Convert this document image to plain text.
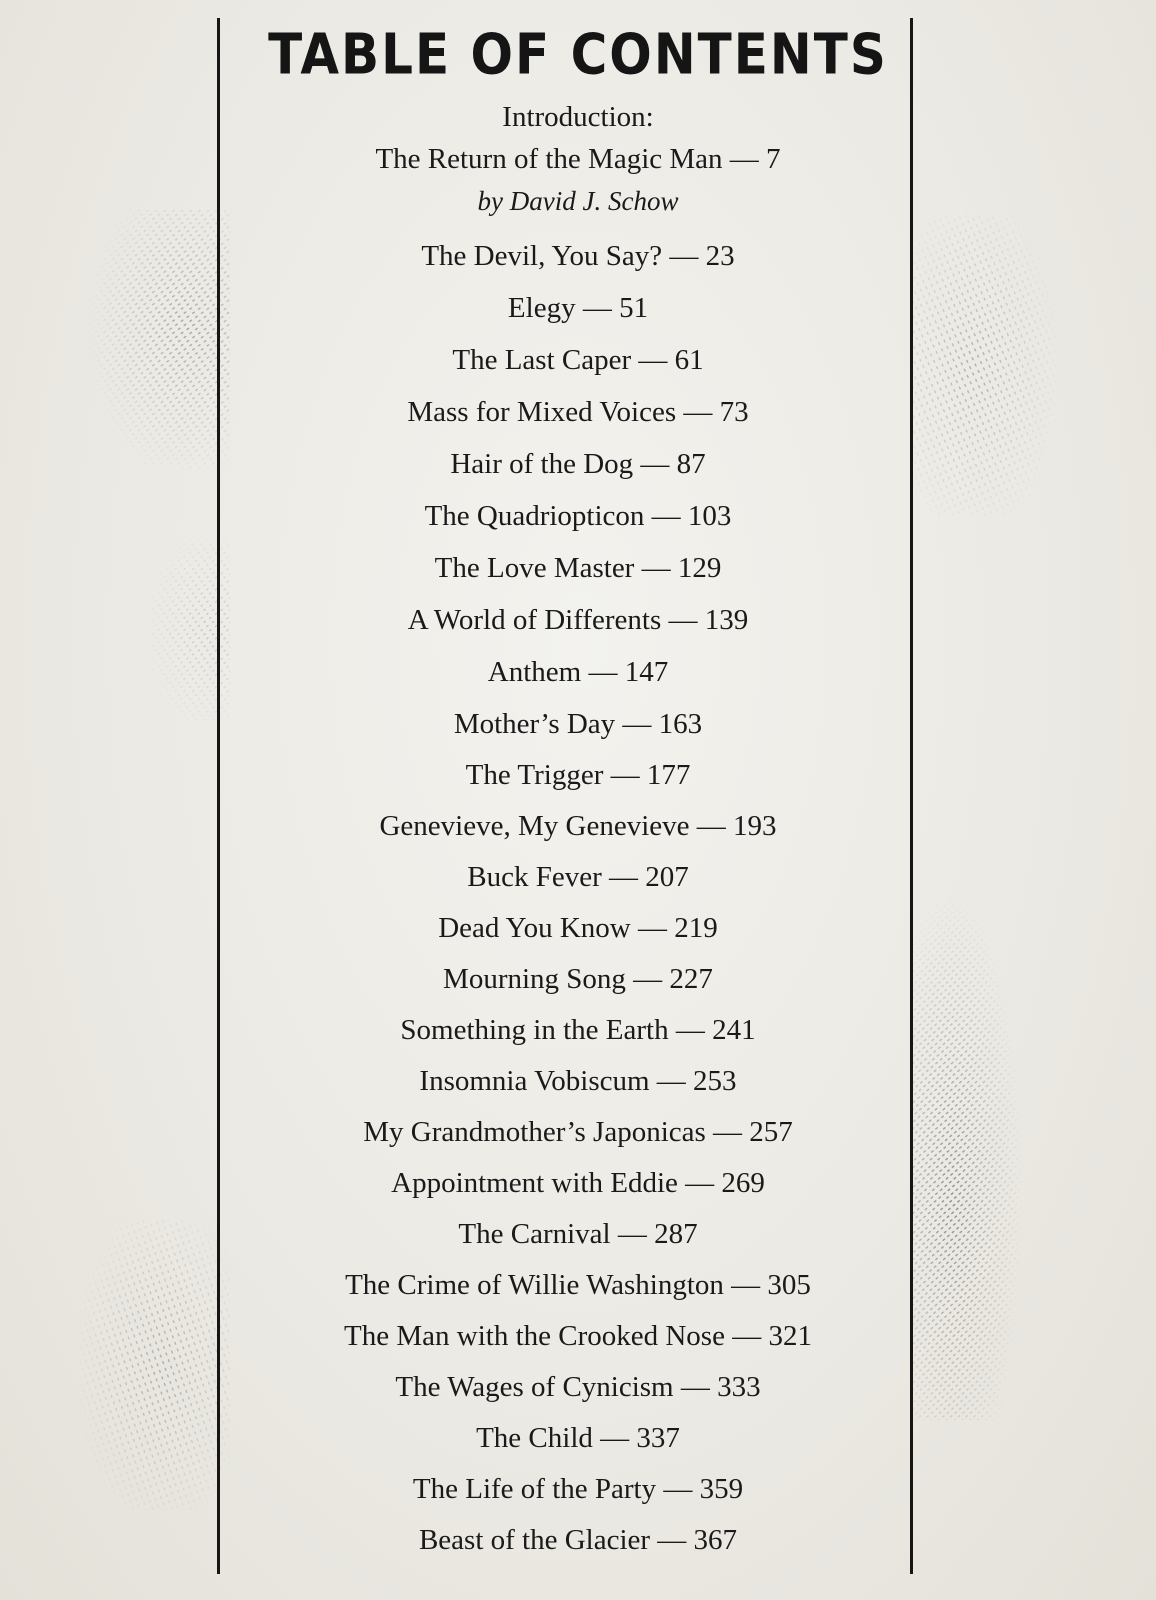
TABLE OF CONTENTS
Introduction:
The Return of the Magic Man — 7
by David J. Schow
The Devil, You Say? — 23
Elegy — 51
The Last Caper — 61
Mass for Mixed Voices — 73
Hair of the Dog — 87
The Quadriopticon — 103
The Love Master — 129
A World of Differents — 139
Anthem — 147
Mother’s Day — 163
The Trigger — 177
Genevieve, My Genevieve — 193
Buck Fever — 207
Dead You Know — 219
Mourning Song — 227
Something in the Earth — 241
Insomnia Vobiscum — 253
My Grandmother’s Japonicas — 257
Appointment with Eddie — 269
The Carnival — 287
The Crime of Willie Washington — 305
The Man with the Crooked Nose — 321
The Wages of Cynicism — 333
The Child — 337
The Life of the Party — 359
Beast of the Glacier — 367
